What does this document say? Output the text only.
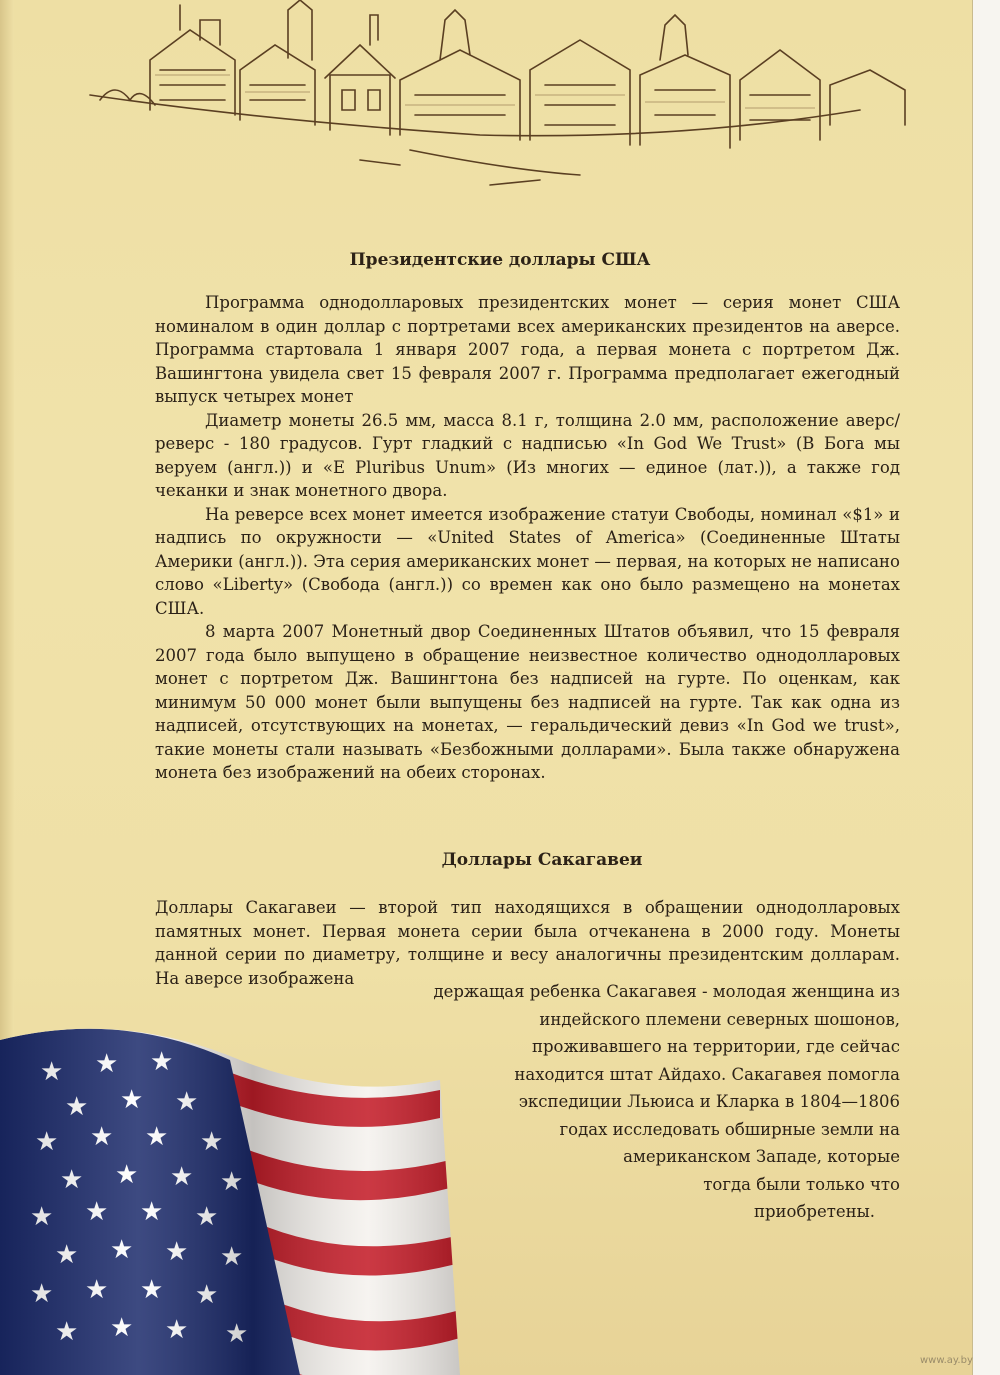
Президентские доллары США

Программа однодолларовых президентских монет — серия монет США номиналом в один доллар с портретами всех американских президентов на аверсе. Программа стартовала 1 января 2007 года, а первая монета с портретом Дж. Вашингтона увидела свет 15 февраля 2007 г. Программа предполагает ежегодный выпуск четырех монет

Диаметр монеты 26.5 мм, масса 8.1 г, толщина 2.0 мм, расположение аверс/реверс - 180 градусов. Гурт гладкий с надписью «In God We Trust» (В Бога мы веруем (англ.)) и «E Pluribus Unum» (Из многих — единое (лат.)), а также год чеканки и знак монетного двора.

На реверсе всех монет имеется изображение статуи Свободы, номинал «$1» и надпись по окружности — «United States of America» (Соединенные Штаты Америки (англ.)). Эта серия американских монет — первая, на которых не написано слово «Liberty» (Свобода (англ.)) со времен как оно было размещено на монетах США.

8 марта 2007 Монетный двор Соединенных Штатов объявил, что 15 февраля 2007 года было выпущено в обращение неизвестное количество однодолларовых монет с портретом Дж. Вашингтона без надписей на гурте. По оценкам, как минимум 50 000 монет были выпущены без надписей на гурте. Так как одна из надписей, отсутствующих на монетах, — геральдический девиз «In God we trust», такие монеты стали называть «Безбожными долларами». Была также обнаружена монета без изображений на обеих сторонах.

Доллары Сакагавеи

Доллары Сакагавеи — второй тип находящихся в обращении однодолларовых памятных монет. Первая монета серии была отчеканена в 2000 году. Монеты данной серии по диаметру, толщине и весу аналогичны президентским долларам. На аверсе изображена

держащая ребенка Сакагавея - молодая женщина из
индейского племени северных шошонов,
проживавшего на территории, где сейчас
находится штат Айдахо. Сакагавея помогла
экспедиции Льюиса и Кларка в 1804—1806
годах исследовать обширные земли на
американском Западе, которые
тогда были только что
приобретены.
www.ay.by
